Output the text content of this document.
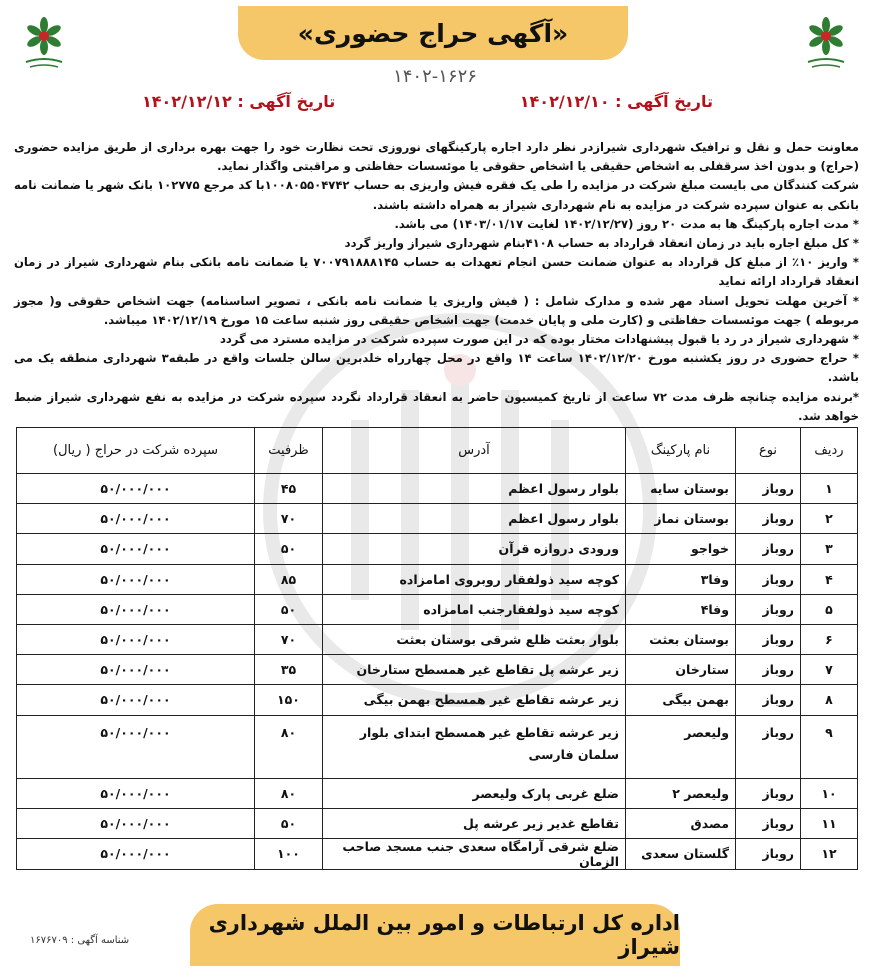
«آگهی حراج حضوری»
۱۴۰۲-۱۶۲۶
تاریخ آگهی : ۱۴۰۲/۱۲/۱۰
تاریخ آگهی : ۱۴۰۲/۱۲/۱۲

معاونت حمل و نقل و ترافیک شهرداری شیرازدر نظر دارد اجاره پارکینگهای نوروزی تحت نظارت خود را جهت بهره برداری از طریق مزایده حضوری (حراج) و بدون اخذ سرقفلی به اشخاص حقیقی یا اشخاص حقوقی یا موئسسات حفاظتی و مراقبتی واگذار نماید.

شرکت کنندگان می بایست مبلغ شرکت در مزایده را طی یک فقره فیش واریزی به حساب ۱۰۰۸۰۵۵۰۴۷۴۲با کد مرجع ۱۰۲۷۷۵ بانک شهر یا ضمانت نامه بانکی به عنوان سپرده شرکت در مزایده به نام شهرداری شیراز به همراه داشته باشند.

* مدت اجاره پارکینگ ها به مدت ۲۰ روز (۱۴۰۲/۱۲/۲۷ لغایت ۱۴۰۳/۰۱/۱۷) می باشد.

* کل مبلغ اجاره باید در زمان انعقاد قرارداد به حساب ۴۱۰۸بنام شهرداری شیراز واریز گردد

* واریز ۱۰٪ از مبلغ کل قرارداد به عنوان ضمانت حسن انجام تعهدات به حساب ۷۰۰۷۹۱۸۸۸۱۴۵ یا ضمانت نامه بانکی بنام شهرداری شیراز در زمان انعقاد قرارداد ارائه نماید

* آخرین مهلت تحویل اسناد مهر شده و مدارک شامل : ( فیش واریزی یا ضمانت نامه بانکی ، تصویر اساسنامه) جهت اشخاص حقوقی و( مجوز مربوطه ) جهت موئسسات حفاظتی و (کارت ملی و پایان خدمت) جهت اشخاص حقیقی روز شنبه ساعت ۱۵ مورخ ۱۴۰۲/۱۲/۱۹ میباشد.

* شهرداری شیراز در رد یا قبول پیشنهادات مختار بوده که در این صورت سپرده شرکت در مزایده مسترد می گردد

* حراج حضوری در روز یکشنبه مورخ ۱۴۰۲/۱۲/۲۰ ساعت ۱۴ واقع در محل چهارراه خلدبرین سالن جلسات واقع در طبقه۳ شهرداری منطقه یک می باشد.

*برنده مزایده چنانچه ظرف مدت ۷۲ ساعت از تاریخ کمیسیون حاضر به انعقاد قرارداد نگردد سپرده شرکت در مزایده به نفع شهرداری شیراز ضبط خواهد شد.

ردیف	نوع	نام پارکینگ	آدرس	ظرفیت	سپرده شرکت در حراج ( ریال)
۱	روباز	بوستان سایه	بلوار رسول اعظم	۴۵	۵۰/۰۰۰/۰۰۰
۲	روباز	بوستان نماز	بلوار رسول اعظم	۷۰	۵۰/۰۰۰/۰۰۰
۳	روباز	خواجو	ورودی دروازه قرآن	۵۰	۵۰/۰۰۰/۰۰۰
۴	روباز	وفا۳	کوچه سید ذولفقار روبروی امامزاده	۸۵	۵۰/۰۰۰/۰۰۰
۵	روباز	وفا۴	کوچه سید ذولفقارجنب امامزاده	۵۰	۵۰/۰۰۰/۰۰۰
۶	روباز	بوستان بعثت	بلوار بعثت ظلع شرقی بوستان بعثت	۷۰	۵۰/۰۰۰/۰۰۰
۷	روباز	ستارخان	زیر عرشه پل تقاطع غیر همسطح ستارخان	۳۵	۵۰/۰۰۰/۰۰۰
۸	روباز	بهمن بیگی	زیر عرشه تقاطع غیر همسطح بهمن بیگی	۱۵۰	۵۰/۰۰۰/۰۰۰
۹	روباز	ولیعصر	زیر عرشه تقاطع غیر همسطح ابتدای بلوار سلمان فارسی	۸۰	۵۰/۰۰۰/۰۰۰
۱۰	روباز	ولیعصر ۲	ضلع غربی پارک ولیعصر	۸۰	۵۰/۰۰۰/۰۰۰
۱۱	روباز	مصدق	تقاطع غدیر زیر عرشه پل	۵۰	۵۰/۰۰۰/۰۰۰
۱۲	روباز	گلستان سعدی	ضلع شرقی آرامگاه سعدی جنب مسجد صاحب الزمان	۱۰۰	۵۰/۰۰۰/۰۰۰
اداره کل ارتباطات و امور بین الملل شهرداری شیراز
شناسه آگهی : ۱۶۷۶۷۰۹
